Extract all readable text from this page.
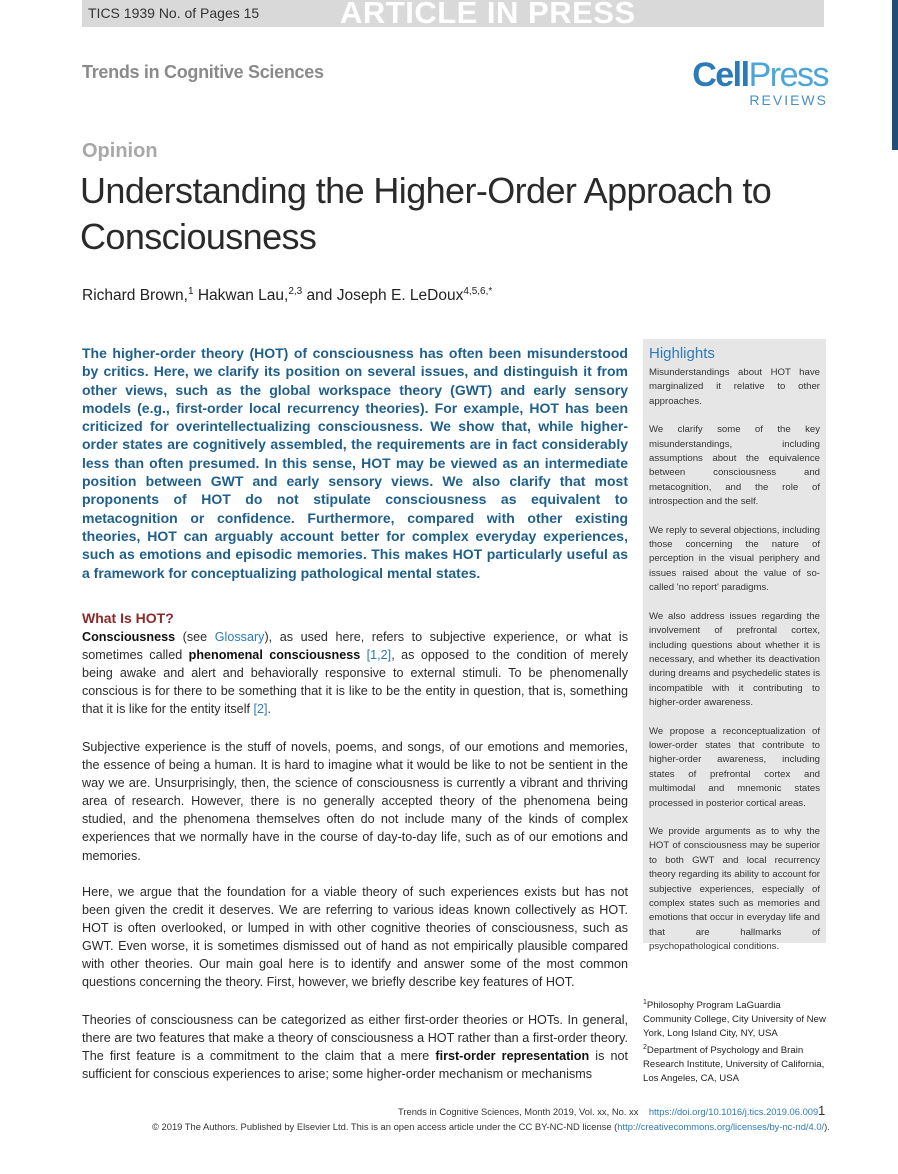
TICS 1939 No. of Pages 15	ARTICLE IN PRESS
Trends in Cognitive Sciences	CellPress
REVIEWS
Opinion
Understanding the Higher-Order Approach to Consciousness
Richard Brown,$^1$ Hakwan Lau,$^{2,3}$ and Joseph E. LeDoux$^{4,5,6,*}$
The higher-order theory (HOT) of consciousness has often been misunderstood by critics. Here, we clarify its position on several issues, and distinguish it from other views, such as the global workspace theory (GWT) and early sensory models (e.g., first-order local recurrency theories). For example, HOT has been criticized for overintellectualizing consciousness. We show that, while higher-order states are cognitively assembled, the requirements are in fact considerably less than often presumed. In this sense, HOT may be viewed as an intermediate position between GWT and early sensory views. We also clarify that most proponents of HOT do not stipulate consciousness as equivalent to metacognition or confidence. Furthermore, compared with other existing theories, HOT can arguably account better for complex everyday experiences, such as emotions and episodic memories. This makes HOT particularly useful as a framework for conceptualizing pathological mental states.
What Is HOT?
Consciousness (see Glossary), as used here, refers to subjective experience, or what is sometimes called phenomenal consciousness [1,2], as opposed to the condition of merely being awake and alert and behaviorally responsive to external stimuli. To be phenomenally conscious is for there to be something that it is like to be the entity in question, that is, something that it is like for the entity itself [2].
Subjective experience is the stuff of novels, poems, and songs, of our emotions and memories, the essence of being a human. It is hard to imagine what it would be like to not be sentient in the way we are. Unsurprisingly, then, the science of consciousness is currently a vibrant and thriving area of research. However, there is no generally accepted theory of the phenomena being studied, and the phenomena themselves often do not include many of the kinds of complex experiences that we normally have in the course of day-to-day life, such as of our emotions and memories.
Here, we argue that the foundation for a viable theory of such experiences exists but has not been given the credit it deserves. We are referring to various ideas known collectively as HOT. HOT is often overlooked, or lumped in with other cognitive theories of consciousness, such as GWT. Even worse, it is sometimes dismissed out of hand as not empirically plausible compared with other theories. Our main goal here is to identify and answer some of the most common questions concerning the theory. First, however, we briefly describe key features of HOT.
Theories of consciousness can be categorized as either first-order theories or HOTs. In general, there are two features that make a theory of consciousness a HOT rather than a first-order theory. The first feature is a commitment to the claim that a mere first-order representation is not sufficient for conscious experiences to arise; some higher-order mechanism or mechanisms
Highlights

Misunderstandings about HOT have marginalized it relative to other approaches.

We clarify some of the key misunderstandings, including assumptions about the equivalence between consciousness and metacognition, and the role of introspection and the self.

We reply to several objections, including those concerning the nature of perception in the visual periphery and issues raised about the value of so-called 'no report' paradigms.

We also address issues regarding the involvement of prefrontal cortex, including questions about whether it is necessary, and whether its deactivation during dreams and psychedelic states is incompatible with it contributing to higher-order awareness.

We propose a reconceptualization of lower-order states that contribute to higher-order awareness, including states of prefrontal cortex and multimodal and mnemonic states processed in posterior cortical areas.

We provide arguments as to why the HOT of consciousness may be superior to both GWT and local recurrency theory regarding its ability to account for subjective experiences, especially of complex states such as memories and emotions that occur in everyday life and that are hallmarks of psychopathological conditions.

$^1$Philosophy Program LaGuardia Community College, City University of New York, Long Island City, NY, USA
$^2$Department of Psychology and Brain Research Institute, University of California, Los Angeles, CA, USA
Trends in Cognitive Sciences, Month 2019, Vol. xx, No. xx https://doi.org/10.1016/j.tics.2019.06.009 1
© 2019 The Authors. Published by Elsevier Ltd. This is an open access article under the CC BY-NC-ND license (http://creativecommons.org/licenses/by-nc-nd/4.0/).
